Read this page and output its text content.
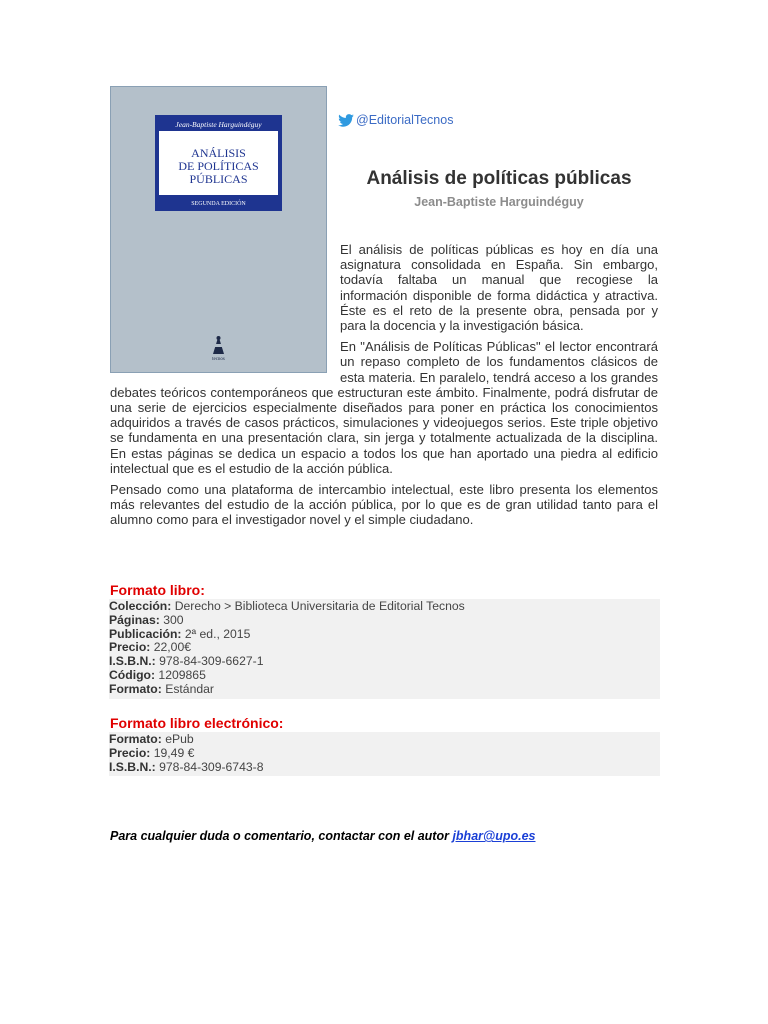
Jean-Baptiste Harguindéguy
ANÁLISIS
DE POLÍTICAS
PÚBLICAS
SEGUNDA EDICIÓN
tecnos
@EditorialTecnos
Análisis de políticas públicas
Jean-Baptiste Harguindéguy

El análisis de políticas públicas es hoy en día una asignatura consolidada en España. Sin embargo, todavía faltaba un manual que recogiese la información disponible de forma didáctica y atractiva. Éste es el reto de la presente obra, pensada por y para la docencia y la investigación básica.

En "Análisis de Políticas Públicas" el lector encontrará un repaso completo de los fundamentos clásicos de esta materia. En paralelo, tendrá acceso a los grandes debates teóricos contemporáneos que estructuran este ámbito. Finalmente, podrá disfrutar de una serie de ejercicios especialmente diseñados para poner en práctica los conocimientos adquiridos a través de casos prácticos, simulaciones y videojuegos serios. Este triple objetivo se fundamenta en una presentación clara, sin jerga y totalmente actualizada de la disciplina. En estas páginas se dedica un espacio a todos los que han aportado una piedra al edificio intelectual que es el estudio de la acción pública.

Pensado como una plataforma de intercambio intelectual, este libro presenta los elementos más relevantes del estudio de la acción pública, por lo que es de gran utilidad tanto para el alumno como para el investigador novel y el simple ciudadano.

Formato libro:
Colección: Derecho > Biblioteca Universitaria de Editorial Tecnos
Páginas: 300
Publicación: 2ª ed., 2015
Precio: 22,00€
I.S.B.N.: 978-84-309-6627-1
Código: 1209865
Formato: Estándar
Formato libro electrónico:
Formato: ePub
Precio: 19,49 €
I.S.B.N.: 978-84-309-6743-8
Para cualquier duda o comentario, contactar con el autor jbhar@upo.es
